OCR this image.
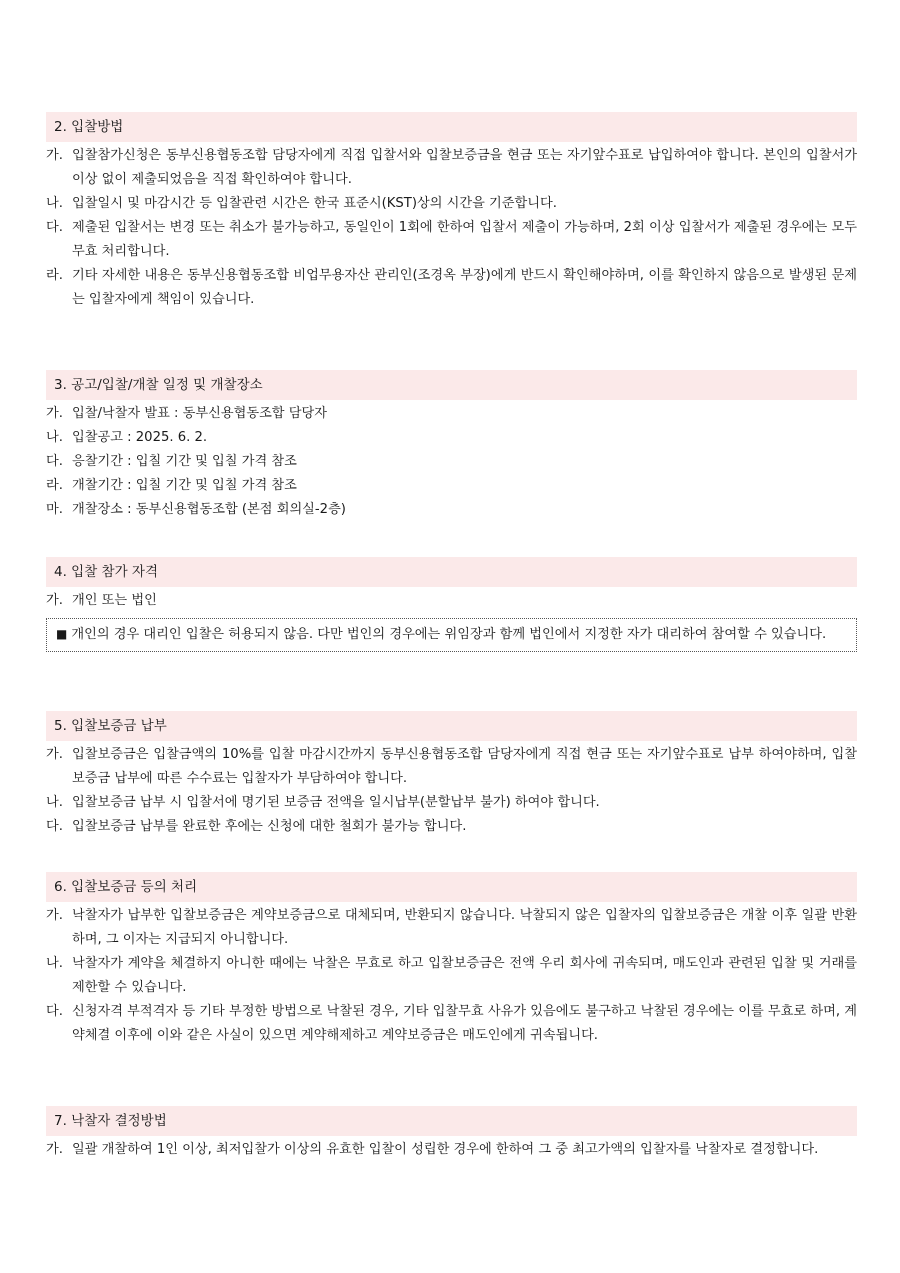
2. 입찰방법
가. 입찰참가신청은 동부신용협동조합 담당자에게 직접 입찰서와 입찰보증금을 현금 또는 자기앞수표로 납입하여야 합니다. 본인의 입찰서가 이상 없이 제출되었음을 직접 확인하여야 합니다.
나. 입찰일시 및 마감시간 등 입찰관련 시간은 한국 표준시(KST)상의 시간을 기준합니다.
다. 제출된 입찰서는 변경 또는 취소가 불가능하고, 동일인이 1회에 한하여 입찰서 제출이 가능하며, 2회 이상 입찰서가 제출된 경우에는 모두 무효 처리합니다.
라. 기타 자세한 내용은 동부신용협동조합 비업무용자산 관리인(조경옥 부장)에게 반드시 확인해야하며, 이를 확인하지 않음으로 발생된 문제는 입찰자에게 책임이 있습니다.
3. 공고/입찰/개찰 일정 및 개찰장소
가. 입찰/낙찰자 발표 : 동부신용협동조합 담당자
나. 입찰공고 : 2025. 6. 2.
다. 응찰기간 : 입칠 기간 및 입칠 가격 참조
라. 개찰기간 : 입칠 기간 및 입칠 가격 참조
마. 개찰장소 : 동부신용협동조합 (본점 회의실-2층)
4. 입찰 참가 자격
가. 개인 또는 법인
■ 개인의 경우 대리인 입찰은 허용되지 않음. 다만 법인의 경우에는 위임장과 함께 법인에서 지정한 자가 대리하여 참여할 수 있습니다.
5. 입찰보증금 납부
가. 입찰보증금은 입찰금액의 10%를 입찰 마감시간까지 동부신용협동조합 담당자에게 직접 현금 또는 자기앞수표로 납부 하여야하며, 입찰보증금 납부에 따른 수수료는 입찰자가 부담하여야 합니다.
나. 입찰보증금 납부 시 입찰서에 명기된 보증금 전액을 일시납부(분할납부 불가) 하여야 합니다.
다. 입찰보증금 납부를 완료한 후에는 신청에 대한 철회가 불가능 합니다.
6. 입찰보증금 등의 처리
가. 낙찰자가 납부한 입찰보증금은 계약보증금으로 대체되며, 반환되지 않습니다. 낙찰되지 않은 입찰자의 입찰보증금은 개찰 이후 일괄 반환하며, 그 이자는 지급되지 아니합니다.
나. 낙찰자가 계약을 체결하지 아니한 때에는 낙찰은 무효로 하고 입찰보증금은 전액 우리 회사에 귀속되며, 매도인과 관련된 입찰 및 거래를 제한할 수 있습니다.
다. 신청자격 부적격자 등 기타 부정한 방법으로 낙찰된 경우, 기타 입찰무효 사유가 있음에도 불구하고 낙찰된 경우에는 이를 무효로 하며, 계약체결 이후에 이와 같은 사실이 있으면 계약해제하고 계약보증금은 매도인에게 귀속됩니다.
7. 낙찰자 결정방법
가. 일괄 개찰하여 1인 이상, 최저입찰가 이상의 유효한 입찰이 성립한 경우에 한하여 그 중 최고가액의 입찰자를 낙찰자로 결정합니다.
